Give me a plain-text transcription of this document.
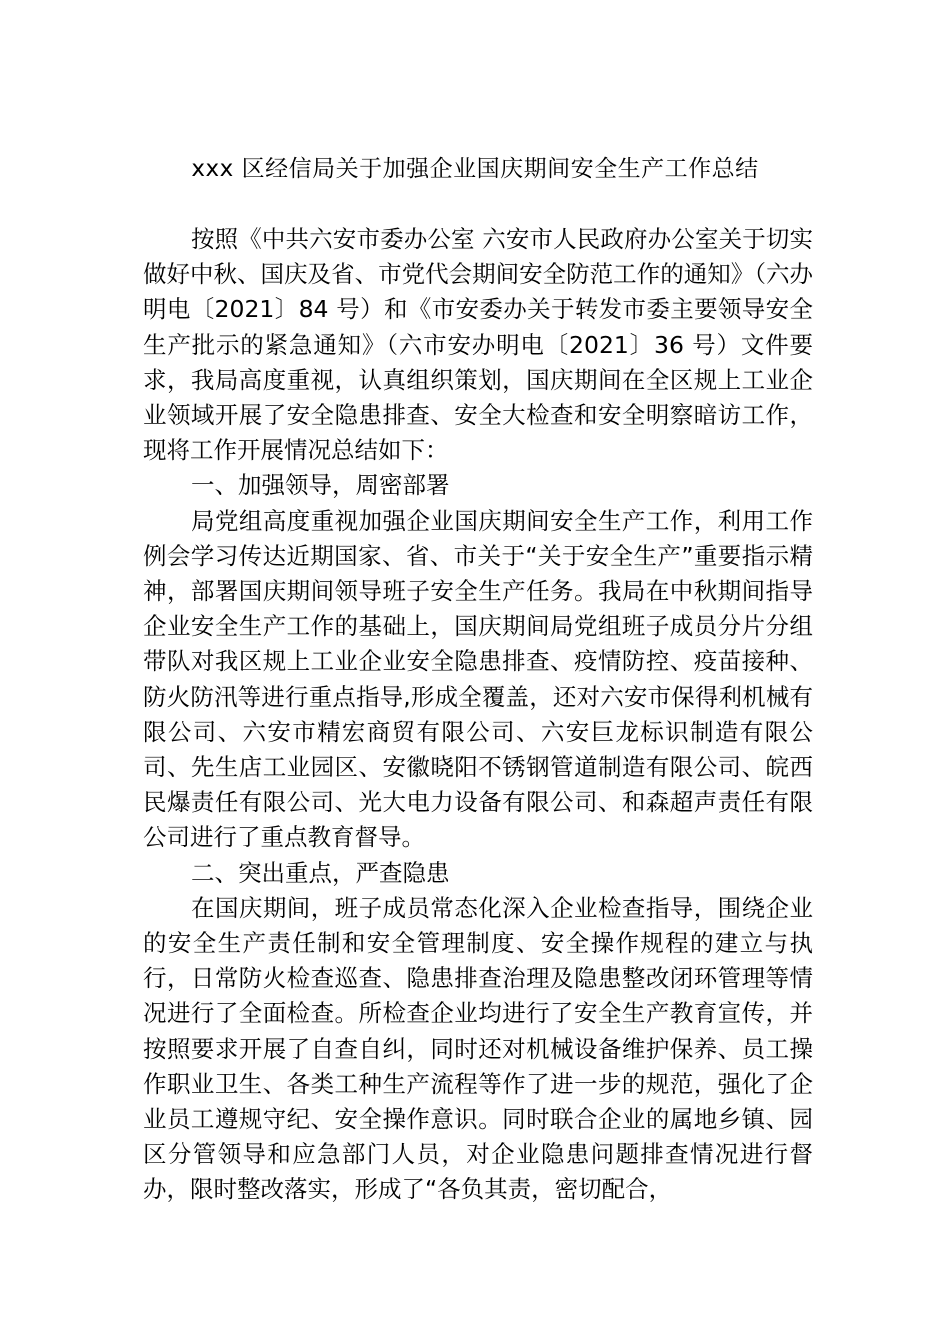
xxx 区经信局关于加强企业国庆期间安全生产工作总结

按照《中共六安市委办公室 六安市人民政府办公室关于切实做好中秋、国庆及省、市党代会期间安全防范工作的通知》（六办明电〔2021〕84 号）和《市安委办关于转发市委主要领导安全生产批示的紧急通知》（六市安办明电〔2021〕36 号）文件要求，我局高度重视，认真组织策划，国庆期间在全区规上工业企业领域开展了安全隐患排查、安全大检查和安全明察暗访工作，现将工作开展情况总结如下：

一、加强领导，周密部署

局党组高度重视加强企业国庆期间安全生产工作，利用工作例会学习传达近期国家、省、市关于“关于安全生产”重要指示精神，部署国庆期间领导班子安全生产任务。我局在中秋期间指导企业安全生产工作的基础上，国庆期间局党组班子成员分片分组带队对我区规上工业企业安全隐患排查、疫情防控、疫苗接种、防火防汛等进行重点指导,形成全覆盖，还对六安市保得利机械有限公司、六安市精宏商贸有限公司、六安巨龙标识制造有限公司、先生店工业园区、安徽晓阳不锈钢管道制造有限公司、皖西民爆责任有限公司、光大电力设备有限公司、和森超声责任有限公司进行了重点教育督导。

二、突出重点，严查隐患

在国庆期间，班子成员常态化深入企业检查指导，围绕企业的安全生产责任制和安全管理制度、安全操作规程的建立与执行，日常防火检查巡查、隐患排查治理及隐患整改闭环管理等情况进行了全面检查。所检查企业均进行了安全生产教育宣传，并按照要求开展了自查自纠，同时还对机械设备维护保养、员工操作职业卫生、各类工种生产流程等作了进一步的规范，强化了企业员工遵规守纪、安全操作意识。同时联合企业的属地乡镇、园区分管领导和应急部门人员，对企业隐患问题排查情况进行督办，限时整改落实，形成了“各负其责，密切配合，
